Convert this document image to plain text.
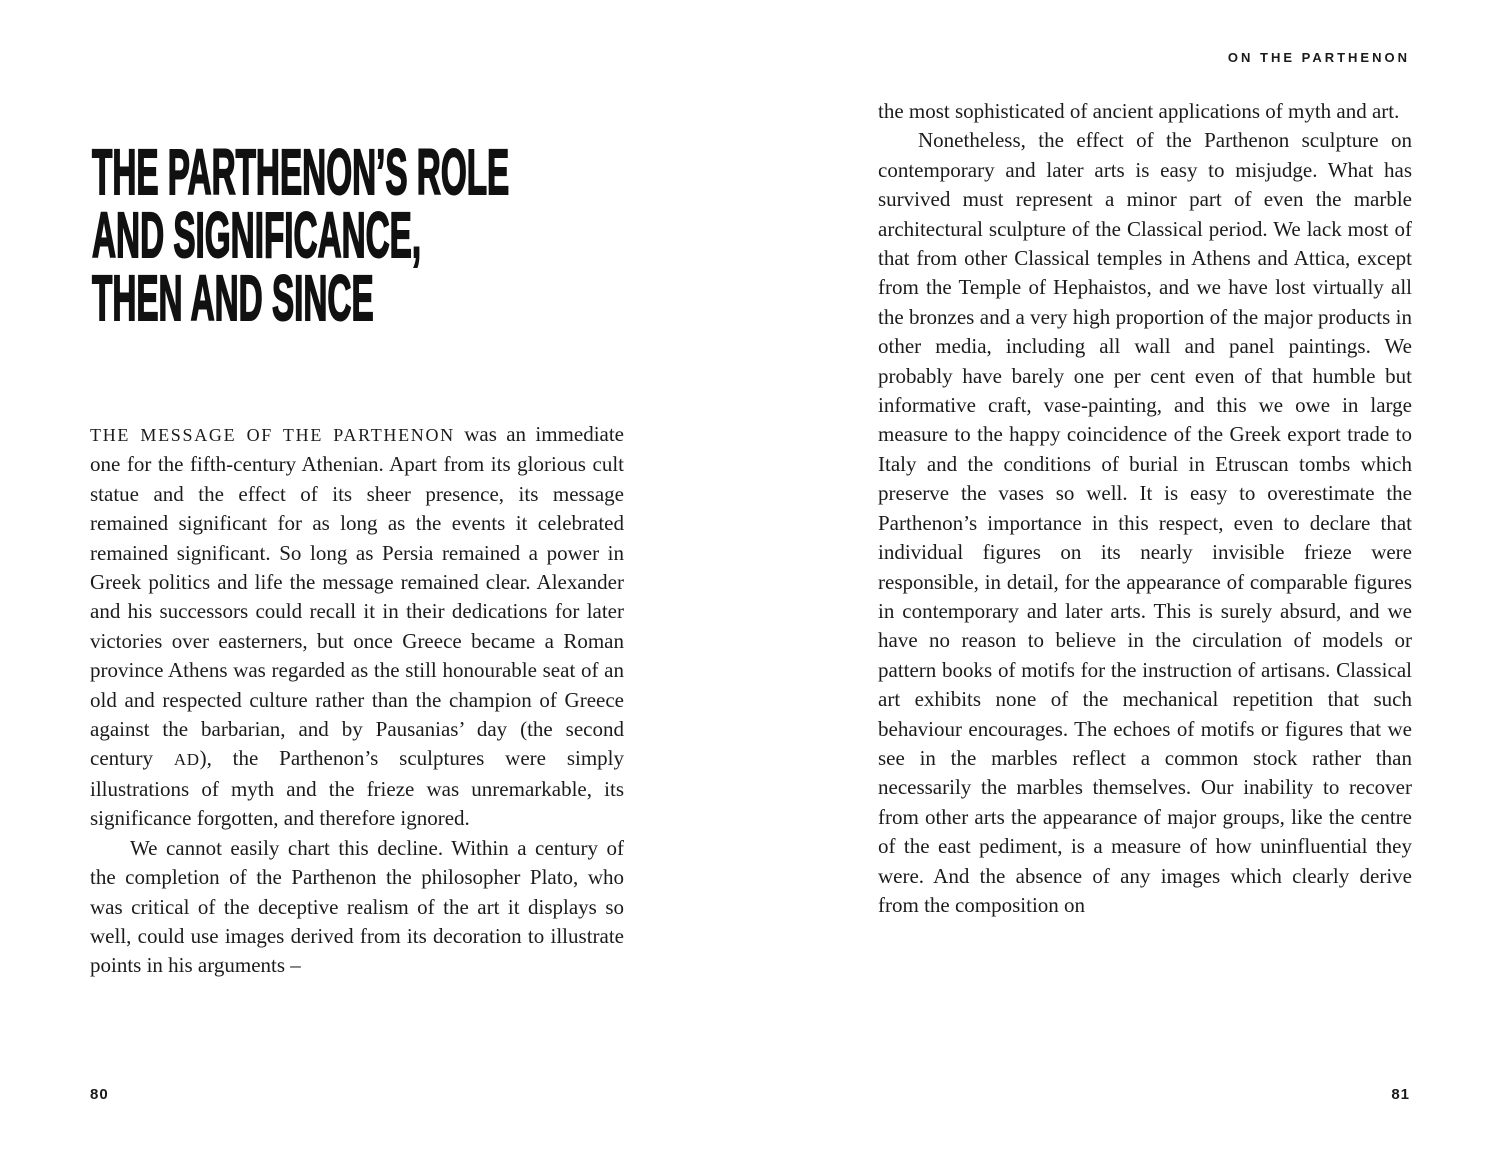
THE PARTHENON’S ROLE
AND SIGNIFICANCE,
THEN AND SINCE

THE MESSAGE OF THE PARTHENON was an immediate one for the fifth-century Athenian. Apart from its glorious cult statue and the effect of its sheer presence, its message remained significant for as long as the events it celebrated remained significant. So long as Persia remained a power in Greek politics and life the message remained clear. Alexander and his successors could recall it in their dedications for later victories over easterners, but once Greece became a Roman province Athens was regarded as the still honourable seat of an old and respected culture rather than the champion of Greece against the barbarian, and by Pausanias’ day (the second century AD), the Parthenon’s sculptures were simply illustrations of myth and the frieze was unremarkable, its significance forgotten, and therefore ignored.

We cannot easily chart this decline. Within a century of the completion of the Parthenon the philosopher Plato, who was critical of the deceptive realism of the art it displays so well, could use images derived from its decoration to illustrate points in his arguments –

ON THE PARTHENON

the most sophisticated of ancient applications of myth and art.

Nonetheless, the effect of the Parthenon sculpture on contemporary and later arts is easy to misjudge. What has survived must represent a minor part of even the marble architectural sculpture of the Classical period. We lack most of that from other Classical temples in Athens and Attica, except from the Temple of Hephaistos, and we have lost virtually all the bronzes and a very high proportion of the major products in other media, including all wall and panel paintings. We probably have barely one per cent even of that humble but informative craft, vase-painting, and this we owe in large measure to the happy coincidence of the Greek export trade to Italy and the conditions of burial in Etruscan tombs which preserve the vases so well. It is easy to overestimate the Parthenon’s importance in this respect, even to declare that individual figures on its nearly invisible frieze were responsible, in detail, for the appearance of comparable figures in contemporary and later arts. This is surely absurd, and we have no reason to believe in the circulation of models or pattern books of motifs for the instruction of artisans. Classical art exhibits none of the mechanical repetition that such behaviour encourages. The echoes of motifs or figures that we see in the marbles reflect a common stock rather than necessarily the marbles themselves. Our inability to recover from other arts the appearance of major groups, like the centre of the east pediment, is a measure of how uninfluential they were. And the absence of any images which clearly derive from the composition on

80	81
